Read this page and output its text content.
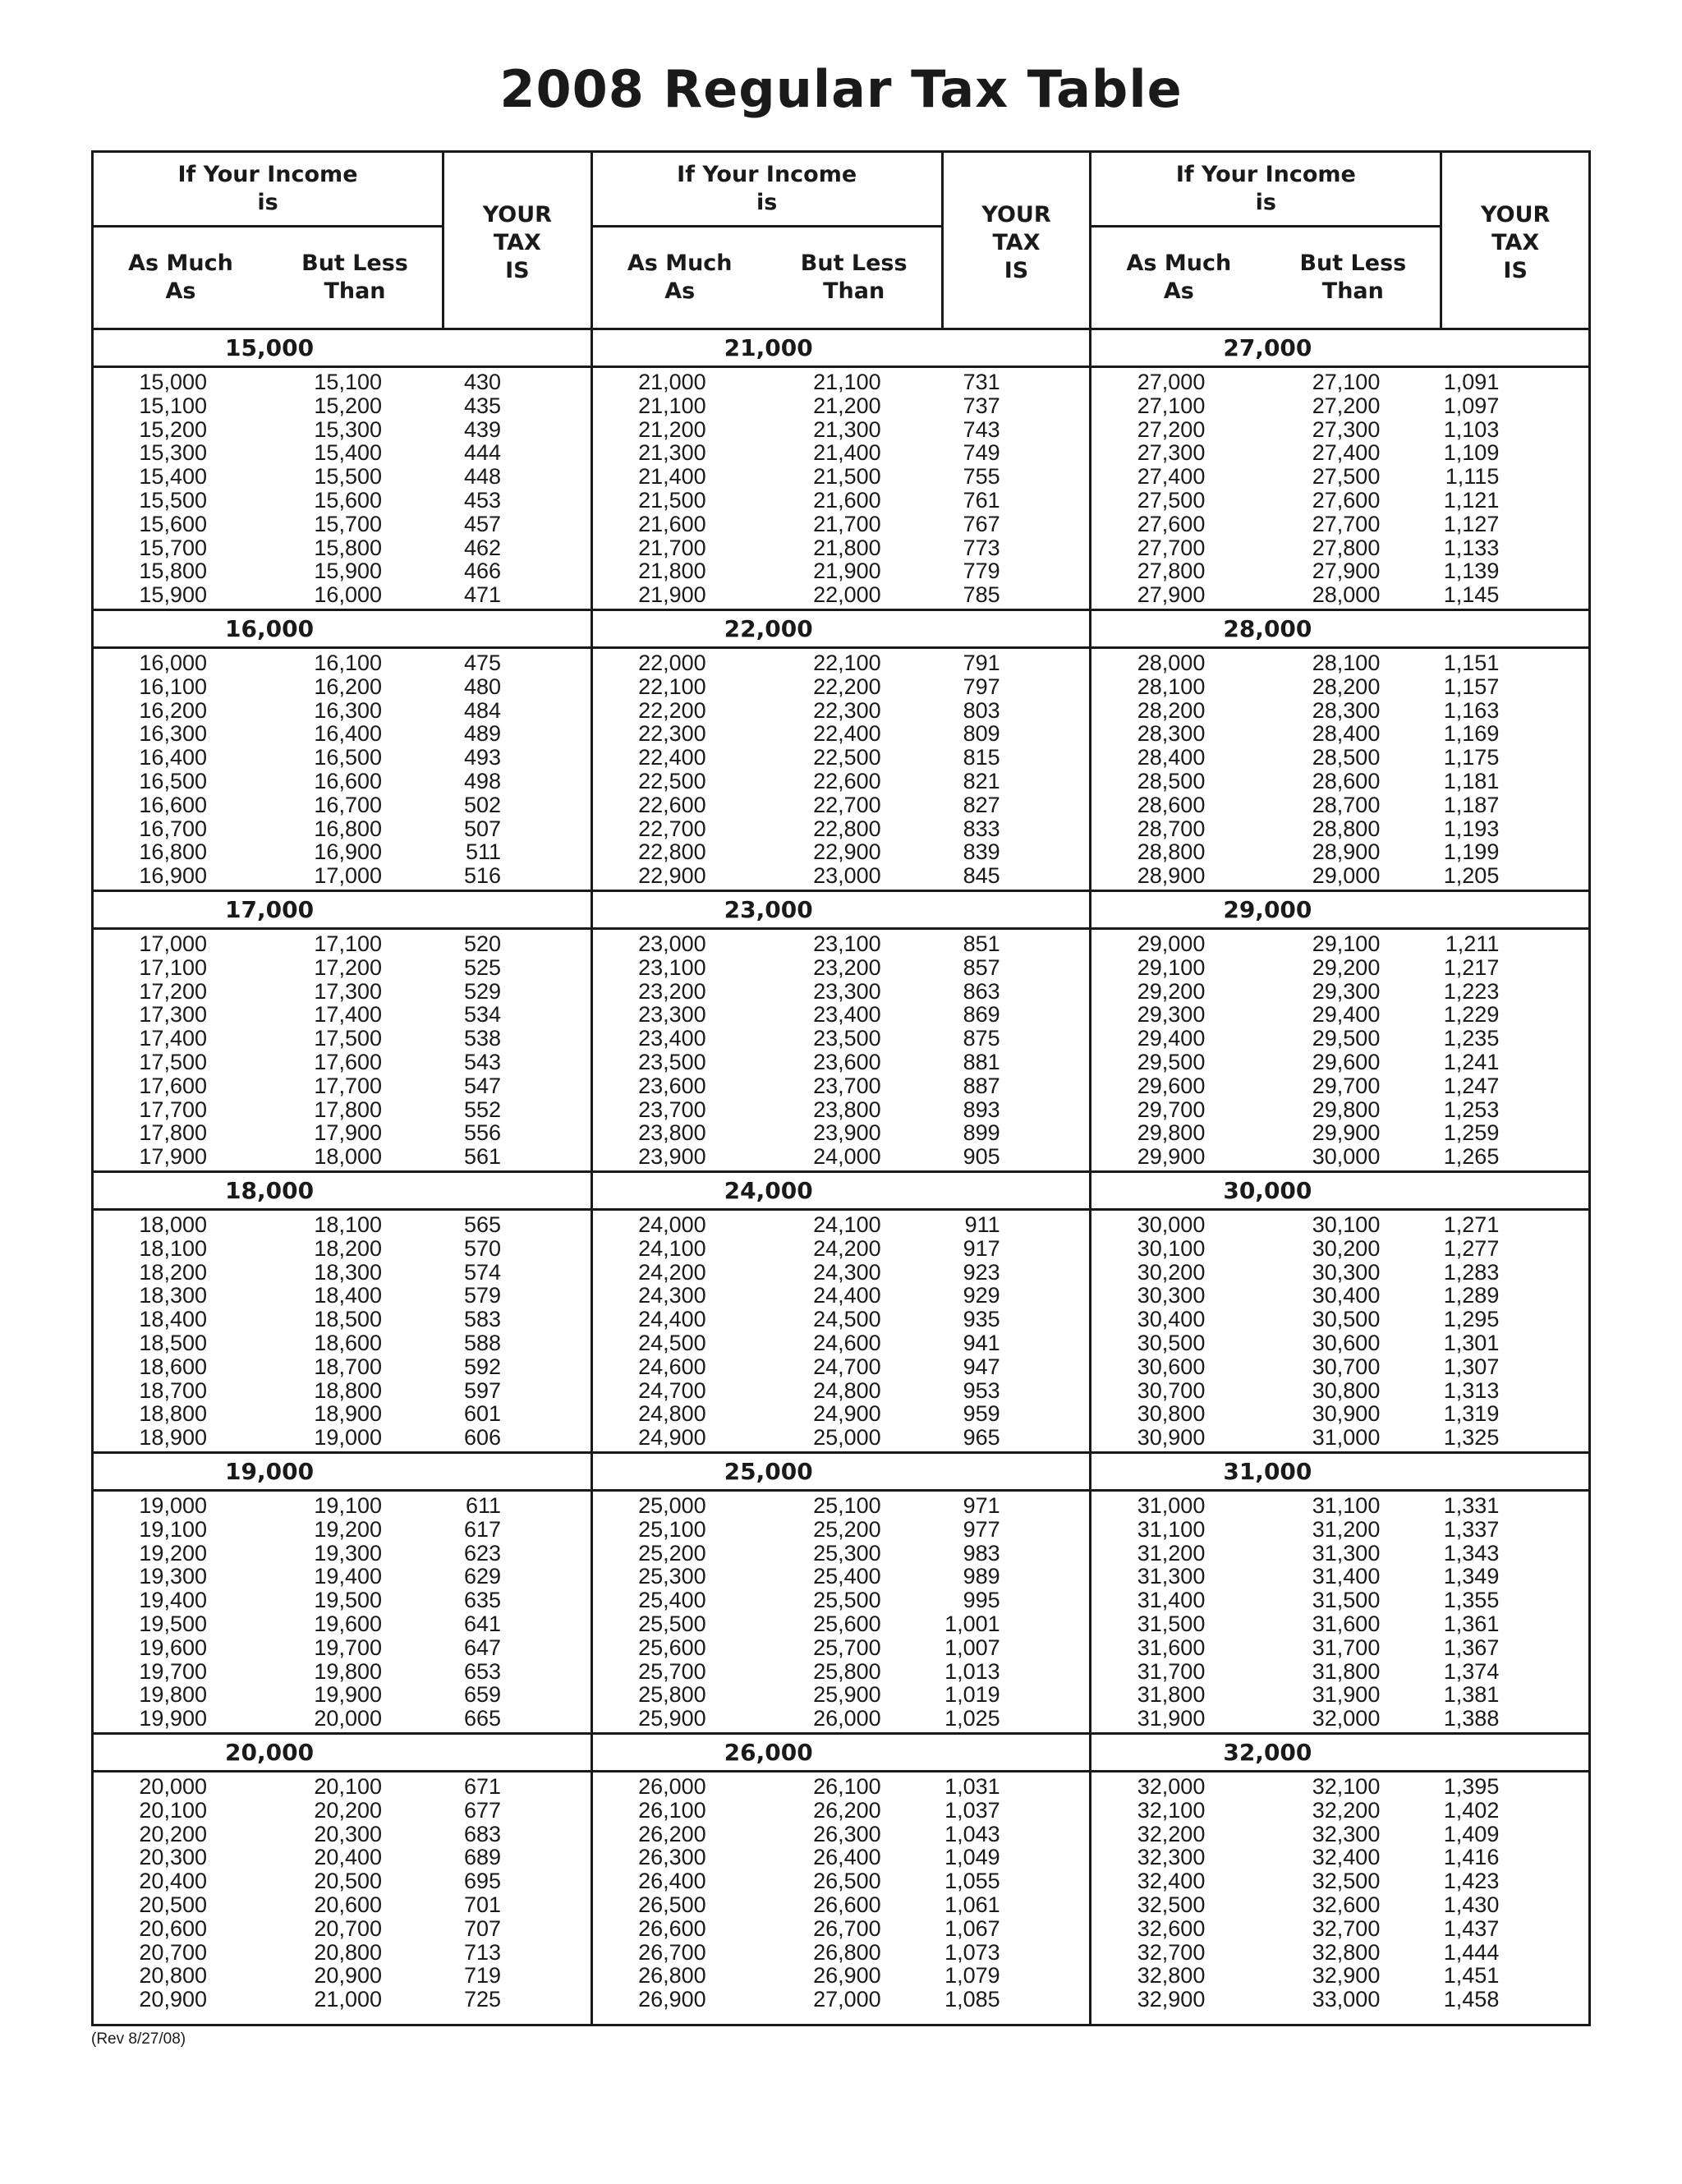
2008 Regular Tax Table
If Your Income
is
As Much
As
But Less
Than
YOUR
TAX
IS
15,000
15,000	15,100	430
15,100	15,200	435
15,200	15,300	439
15,300	15,400	444
15,400	15,500	448
15,500	15,600	453
15,600	15,700	457
15,700	15,800	462
15,800	15,900	466
15,900	16,000	471
16,000
16,000	16,100	475
16,100	16,200	480
16,200	16,300	484
16,300	16,400	489
16,400	16,500	493
16,500	16,600	498
16,600	16,700	502
16,700	16,800	507
16,800	16,900	511
16,900	17,000	516
17,000
17,000	17,100	520
17,100	17,200	525
17,200	17,300	529
17,300	17,400	534
17,400	17,500	538
17,500	17,600	543
17,600	17,700	547
17,700	17,800	552
17,800	17,900	556
17,900	18,000	561
18,000
18,000	18,100	565
18,100	18,200	570
18,200	18,300	574
18,300	18,400	579
18,400	18,500	583
18,500	18,600	588
18,600	18,700	592
18,700	18,800	597
18,800	18,900	601
18,900	19,000	606
19,000
19,000	19,100	611
19,100	19,200	617
19,200	19,300	623
19,300	19,400	629
19,400	19,500	635
19,500	19,600	641
19,600	19,700	647
19,700	19,800	653
19,800	19,900	659
19,900	20,000	665
20,000
20,000	20,100	671
20,100	20,200	677
20,200	20,300	683
20,300	20,400	689
20,400	20,500	695
20,500	20,600	701
20,600	20,700	707
20,700	20,800	713
20,800	20,900	719
20,900	21,000	725
If Your Income
is
As Much
As
But Less
Than
YOUR
TAX
IS
21,000
21,000	21,100	731
21,100	21,200	737
21,200	21,300	743
21,300	21,400	749
21,400	21,500	755
21,500	21,600	761
21,600	21,700	767
21,700	21,800	773
21,800	21,900	779
21,900	22,000	785
22,000
22,000	22,100	791
22,100	22,200	797
22,200	22,300	803
22,300	22,400	809
22,400	22,500	815
22,500	22,600	821
22,600	22,700	827
22,700	22,800	833
22,800	22,900	839
22,900	23,000	845
23,000
23,000	23,100	851
23,100	23,200	857
23,200	23,300	863
23,300	23,400	869
23,400	23,500	875
23,500	23,600	881
23,600	23,700	887
23,700	23,800	893
23,800	23,900	899
23,900	24,000	905
24,000
24,000	24,100	911
24,100	24,200	917
24,200	24,300	923
24,300	24,400	929
24,400	24,500	935
24,500	24,600	941
24,600	24,700	947
24,700	24,800	953
24,800	24,900	959
24,900	25,000	965
25,000
25,000	25,100	971
25,100	25,200	977
25,200	25,300	983
25,300	25,400	989
25,400	25,500	995
25,500	25,600	1,001
25,600	25,700	1,007
25,700	25,800	1,013
25,800	25,900	1,019
25,900	26,000	1,025
26,000
26,000	26,100	1,031
26,100	26,200	1,037
26,200	26,300	1,043
26,300	26,400	1,049
26,400	26,500	1,055
26,500	26,600	1,061
26,600	26,700	1,067
26,700	26,800	1,073
26,800	26,900	1,079
26,900	27,000	1,085
If Your Income
is
As Much
As
But Less
Than
YOUR
TAX
IS
27,000
27,000	27,100	1,091
27,100	27,200	1,097
27,200	27,300	1,103
27,300	27,400	1,109
27,400	27,500	1,115
27,500	27,600	1,121
27,600	27,700	1,127
27,700	27,800	1,133
27,800	27,900	1,139
27,900	28,000	1,145
28,000
28,000	28,100	1,151
28,100	28,200	1,157
28,200	28,300	1,163
28,300	28,400	1,169
28,400	28,500	1,175
28,500	28,600	1,181
28,600	28,700	1,187
28,700	28,800	1,193
28,800	28,900	1,199
28,900	29,000	1,205
29,000
29,000	29,100	1,211
29,100	29,200	1,217
29,200	29,300	1,223
29,300	29,400	1,229
29,400	29,500	1,235
29,500	29,600	1,241
29,600	29,700	1,247
29,700	29,800	1,253
29,800	29,900	1,259
29,900	30,000	1,265
30,000
30,000	30,100	1,271
30,100	30,200	1,277
30,200	30,300	1,283
30,300	30,400	1,289
30,400	30,500	1,295
30,500	30,600	1,301
30,600	30,700	1,307
30,700	30,800	1,313
30,800	30,900	1,319
30,900	31,000	1,325
31,000
31,000	31,100	1,331
31,100	31,200	1,337
31,200	31,300	1,343
31,300	31,400	1,349
31,400	31,500	1,355
31,500	31,600	1,361
31,600	31,700	1,367
31,700	31,800	1,374
31,800	31,900	1,381
31,900	32,000	1,388
32,000
32,000	32,100	1,395
32,100	32,200	1,402
32,200	32,300	1,409
32,300	32,400	1,416
32,400	32,500	1,423
32,500	32,600	1,430
32,600	32,700	1,437
32,700	32,800	1,444
32,800	32,900	1,451
32,900	33,000	1,458
(Rev 8/27/08)
